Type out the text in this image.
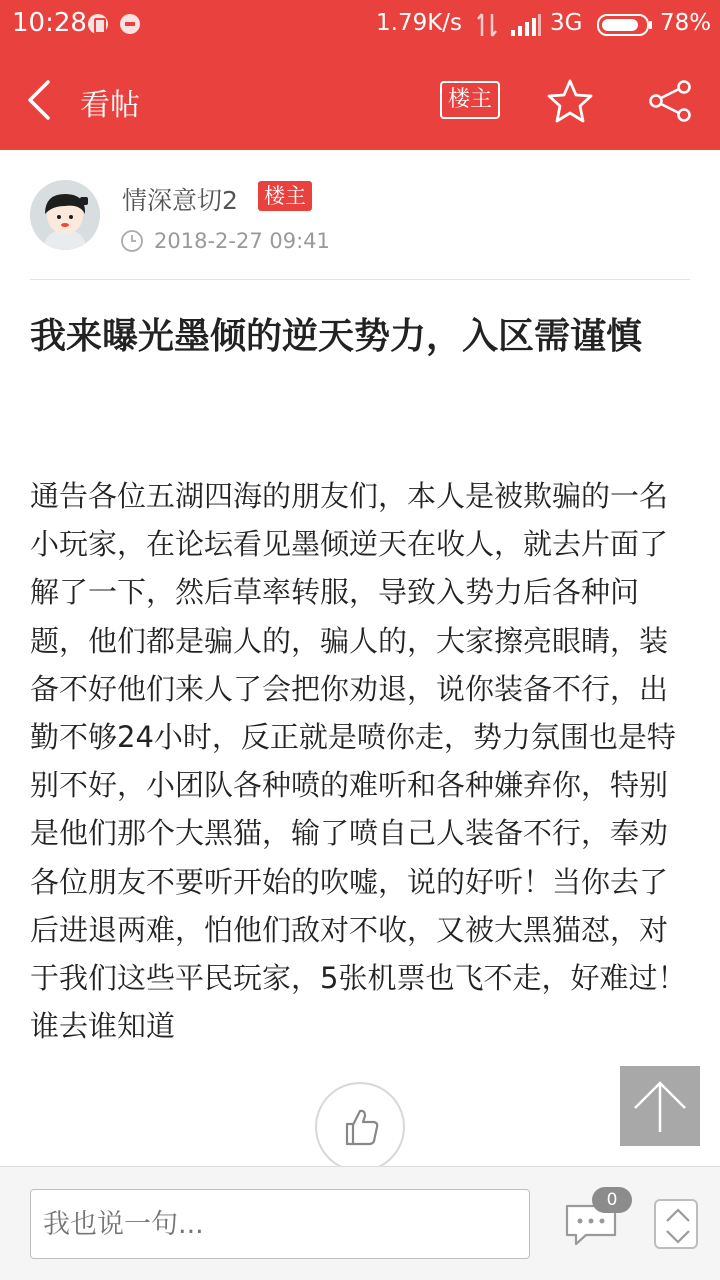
10:28	1.79K/s	3G	78%
看帖	楼主
情深意切2 楼主
2018-2-27 09:41
我来曝光墨倾的逆天势力，入区需谨慎
通告各位五湖四海的朋友们，本人是被欺骗的一名小玩家，在论坛看见墨倾逆天在收人，就去片面了解了一下，然后草率转服，导致入势力后各种问题，他们都是骗人的，骗人的，大家擦亮眼睛，装备不好他们来人了会把你劝退，说你装备不行，出勤不够24小时，反正就是喷你走，势力氛围也是特别不好，小团队各种喷的难听和各种嫌弃你，特别是他们那个大黑猫，输了喷自己人装备不行，奉劝各位朋友不要听开始的吹嘘，说的好听！当你去了后进退两难，怕他们敌对不收，又被大黑猫怼，对于我们这些平民玩家，5张机票也飞不走，好难过！谁去谁知道
我也说一句...
0
